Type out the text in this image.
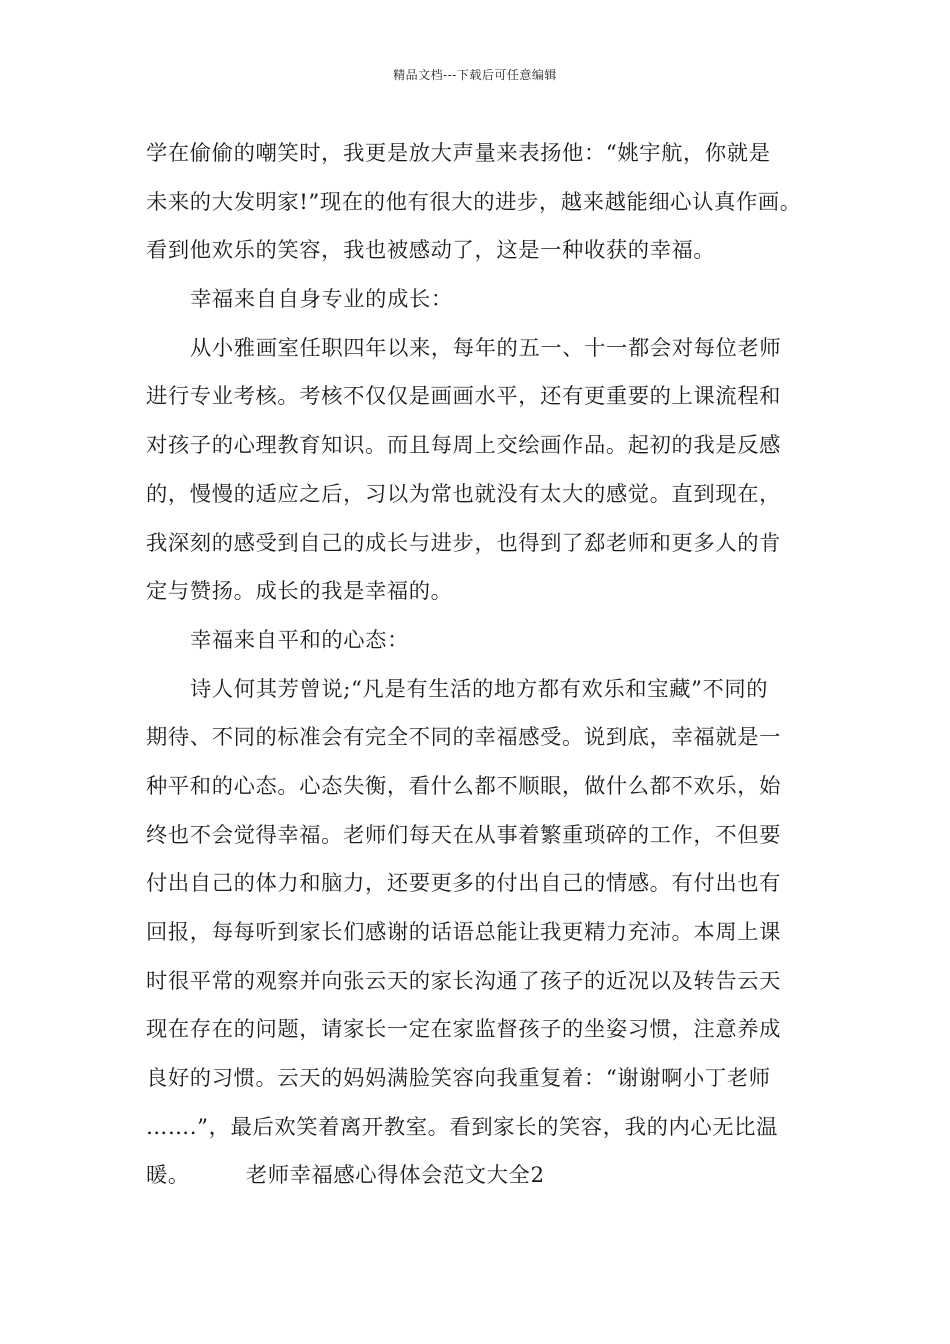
精品文档---下载后可任意编辑
学在偷偷的嘲笑时，我更是放大声量来表扬他：“姚宇航，你就是
未来的大发明家!”现在的他有很大的进步，越来越能细心认真作画。
看到他欢乐的笑容，我也被感动了，这是一种收获的幸福。
幸福来自自身专业的成长：
从小雅画室任职四年以来，每年的五一、十一都会对每位老师
进行专业考核。考核不仅仅是画画水平，还有更重要的上课流程和
对孩子的心理教育知识。而且每周上交绘画作品。起初的我是反感
的，慢慢的适应之后，习以为常也就没有太大的感觉。直到现在，
我深刻的感受到自己的成长与进步，也得到了郄老师和更多人的肯
定与赞扬。成长的我是幸福的。
幸福来自平和的心态：
诗人何其芳曾说;“凡是有生活的地方都有欢乐和宝藏”不同的
期待、不同的标准会有完全不同的幸福感受。说到底，幸福就是一
种平和的心态。心态失衡，看什么都不顺眼，做什么都不欢乐，始
终也不会觉得幸福。老师们每天在从事着繁重琐碎的工作，不但要
付出自己的体力和脑力，还要更多的付出自己的情感。有付出也有
回报，每每听到家长们感谢的话语总能让我更精力充沛。本周上课
时很平常的观察并向张云天的家长沟通了孩子的近况以及转告云天
现在存在的问题，请家长一定在家监督孩子的坐姿习惯，注意养成
良好的习惯。云天的妈妈满脸笑容向我重复着：“谢谢啊小丁老师
…….”，最后欢笑着离开教室。看到家长的笑容，我的内心无比温
暖。	老师幸福感心得体会范文大全2
